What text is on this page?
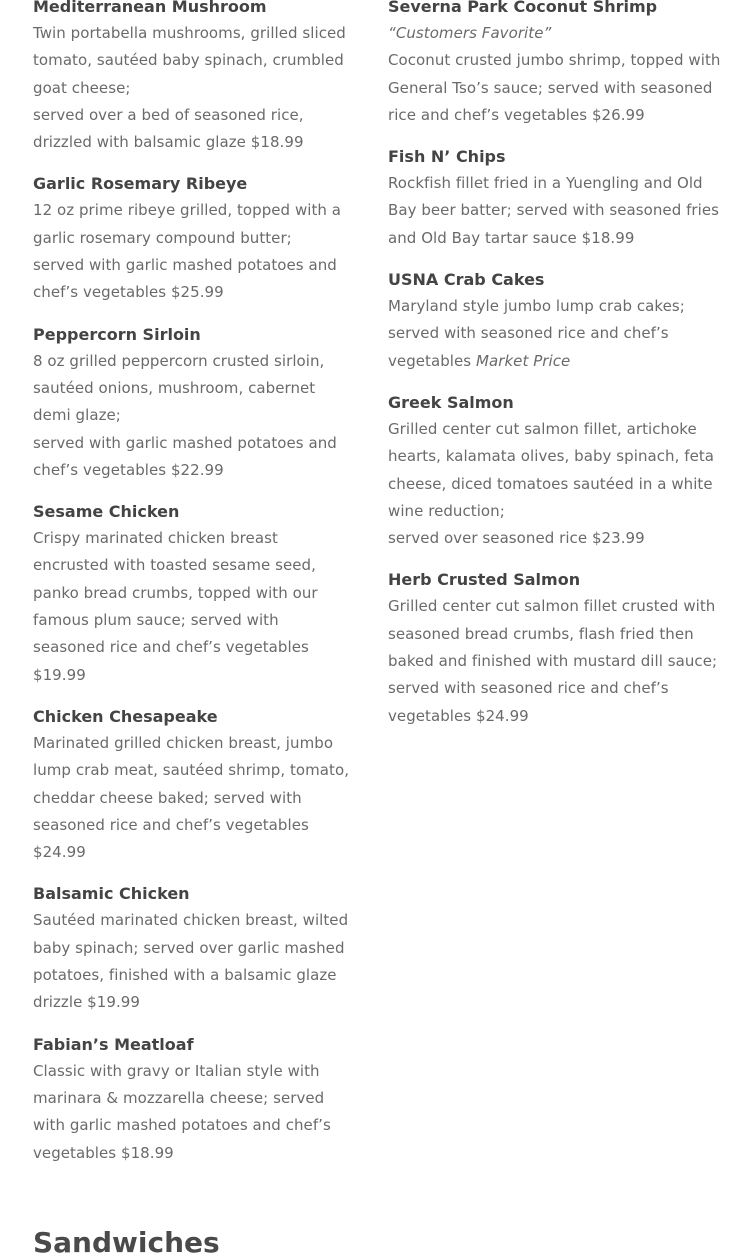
Mediterranean Mushroom

Twin portabella mushrooms, grilled sliced tomato, sautéed baby spinach, crumbled goat cheese;
served over a bed of seasoned rice, drizzled with balsamic glaze $18.99

Garlic Rosemary Ribeye

12 oz prime ribeye grilled, topped with a garlic rosemary compound butter;
served with garlic mashed potatoes and chef’s vegetables $25.99

Peppercorn Sirloin

8 oz grilled peppercorn crusted sirloin, sautéed onions, mushroom, cabernet demi glaze;
served with garlic mashed potatoes and chef’s vegetables $22.99

Sesame Chicken

Crispy marinated chicken breast encrusted with toasted sesame seed, panko bread crumbs, topped with our famous plum sauce; served with seasoned rice and chef’s vegetables $19.99

Chicken Chesapeake

Marinated grilled chicken breast, jumbo lump crab meat, sautéed shrimp, tomato, cheddar cheese baked; served with seasoned rice and chef’s vegetables $24.99

Balsamic Chicken

Sautéed marinated chicken breast, wilted baby spinach; served over garlic mashed potatoes, finished with a balsamic glaze drizzle $19.99

Fabian’s Meatloaf

Classic with gravy or Italian style with marinara & mozzarella cheese; served with garlic mashed potatoes and chef’s vegetables $18.99

Severna Park Coconut Shrimp

“Customers Favorite”
Coconut crusted jumbo shrimp, topped with General Tso’s sauce; served with seasoned rice and chef’s vegetables $26.99

Fish N’ Chips

Rockfish fillet fried in a Yuengling and Old Bay beer batter; served with seasoned fries and Old Bay tartar sauce $18.99

USNA Crab Cakes

Maryland style jumbo lump crab cakes; served with seasoned rice and chef’s vegetables Market Price

Greek Salmon

Grilled center cut salmon fillet, artichoke hearts, kalamata olives, baby spinach, feta cheese, diced tomatoes sautéed in a white wine reduction;
served over seasoned rice $23.99

Herb Crusted Salmon

Grilled center cut salmon fillet crusted with seasoned bread crumbs, flash fried then baked and finished with mustard dill sauce; served with seasoned rice and chef’s vegetables $24.99

Sandwiches
